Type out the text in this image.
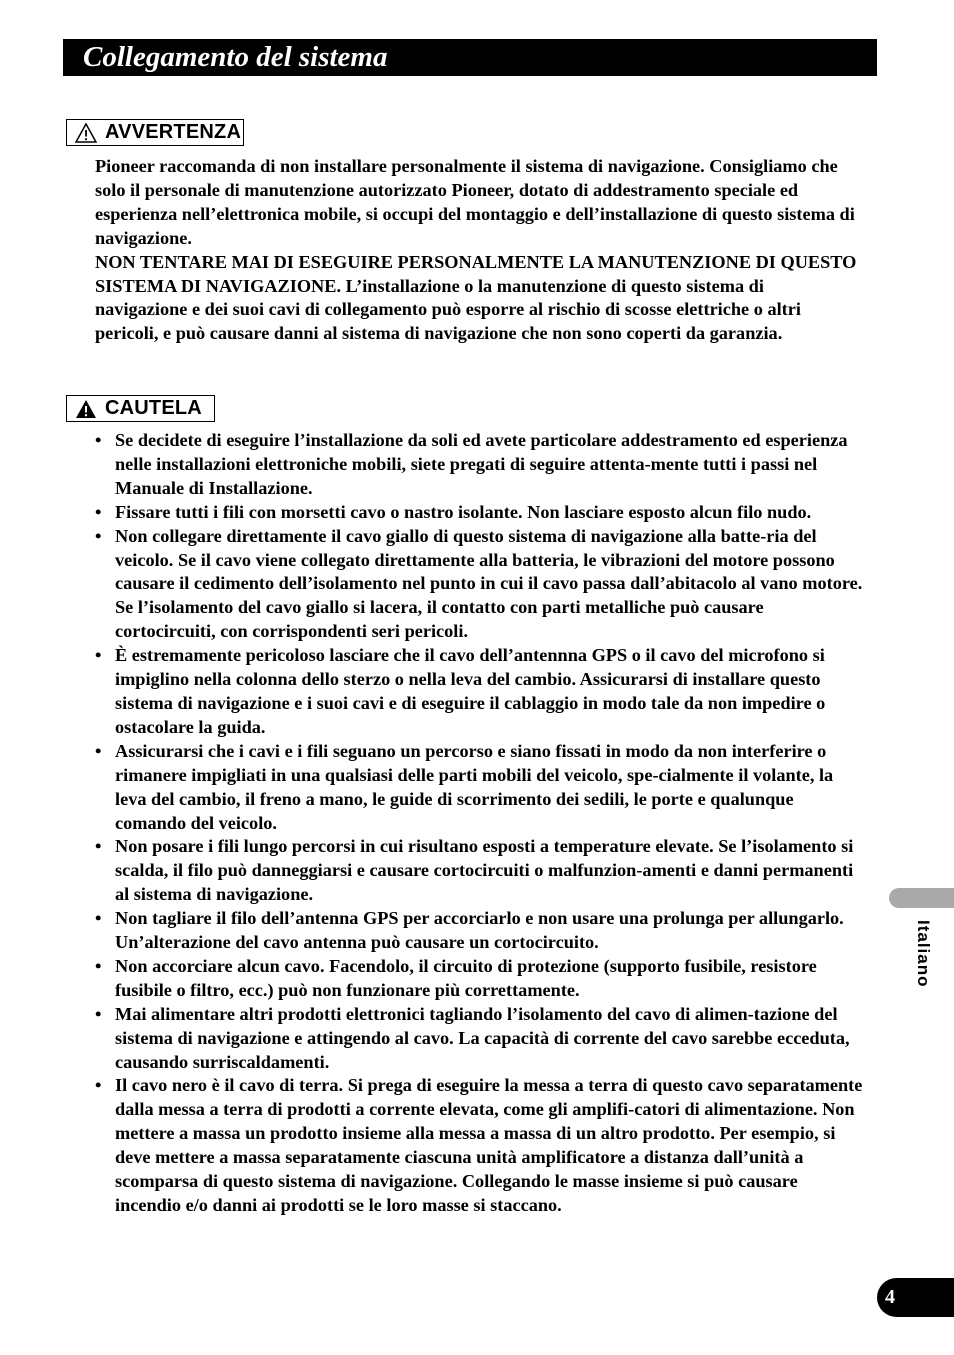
Collegamento del sistema
AVVERTENZA

Pioneer raccomanda di non installare personalmente il sistema di navigazione. Consigliamo che solo il personale di manutenzione autorizzato Pioneer, dotato di addestramento speciale ed esperienza nell’elettronica mobile, si occupi del montaggio e dell’installazione di questo sistema di navigazione.

NON TENTARE MAI DI ESEGUIRE PERSONALMENTE LA MANUTENZIONE DI QUESTO SISTEMA DI NAVIGAZIONE. L’installazione o la manutenzione di questo sistema di navigazione e dei suoi cavi di collegamento può esporre al rischio di scosse elettriche o altri pericoli, e può causare danni al sistema di navigazione che non sono coperti da garanzia.

CAUTELA
• Se decidete di eseguire l’installazione da soli ed avete particolare addestramento ed esperienza nelle installazioni elettroniche mobili, siete pregati di seguire attenta-mente tutti i passi nel Manuale di Installazione.
• Fissare tutti i fili con morsetti cavo o nastro isolante. Non lasciare esposto alcun filo nudo.
• Non collegare direttamente il cavo giallo di questo sistema di navigazione alla batte-ria del veicolo. Se il cavo viene collegato direttamente alla batteria, le vibrazioni del motore possono causare il cedimento dell’isolamento nel punto in cui il cavo passa dall’abitacolo al vano motore. Se l’isolamento del cavo giallo si lacera, il contatto con parti metalliche può causare cortocircuiti, con corrispondenti seri pericoli.
• È estremamente pericoloso lasciare che il cavo dell’antennna GPS o il cavo del microfono si impiglino nella colonna dello sterzo o nella leva del cambio. Assicurarsi di installare questo sistema di navigazione e i suoi cavi e di eseguire il cablaggio in modo tale da non impedire o ostacolare la guida.
• Assicurarsi che i cavi e i fili seguano un percorso e siano fissati in modo da non interferire o rimanere impigliati in una qualsiasi delle parti mobili del veicolo, spe-cialmente il volante, la leva del cambio, il freno a mano, le guide di scorrimento dei sedili, le porte e qualunque comando del veicolo.
• Non posare i fili lungo percorsi in cui risultano esposti a temperature elevate. Se l’isolamento si scalda, il filo può danneggiarsi e causare cortocircuiti o malfunzion-amenti e danni permanenti al sistema di navigazione.
• Non tagliare il filo dell’antenna GPS per accorciarlo e non usare una prolunga per allungarlo. Un’alterazione del cavo antenna può causare un cortocircuito.
• Non accorciare alcun cavo. Facendolo, il circuito di protezione (supporto fusibile, resistore fusibile o filtro, ecc.) può non funzionare più correttamente.
• Mai alimentare altri prodotti elettronici tagliando l’isolamento del cavo di alimen-tazione del sistema di navigazione e attingendo al cavo. La capacità di corrente del cavo sarebbe ecceduta, causando surriscaldamenti.
• Il cavo nero è il cavo di terra. Si prega di eseguire la messa a terra di questo cavo separatamente dalla messa a terra di prodotti a corrente elevata, come gli amplifi-catori di alimentazione. Non mettere a massa un prodotto insieme alla messa a massa di un altro prodotto. Per esempio, si deve mettere a massa separatamente ciascuna unità amplificatore a distanza dall’unità a scomparsa di questo sistema di navigazione. Collegando le masse insieme si può causare incendio e/o danni ai prodotti se le loro masse si staccano.
Italiano
4
